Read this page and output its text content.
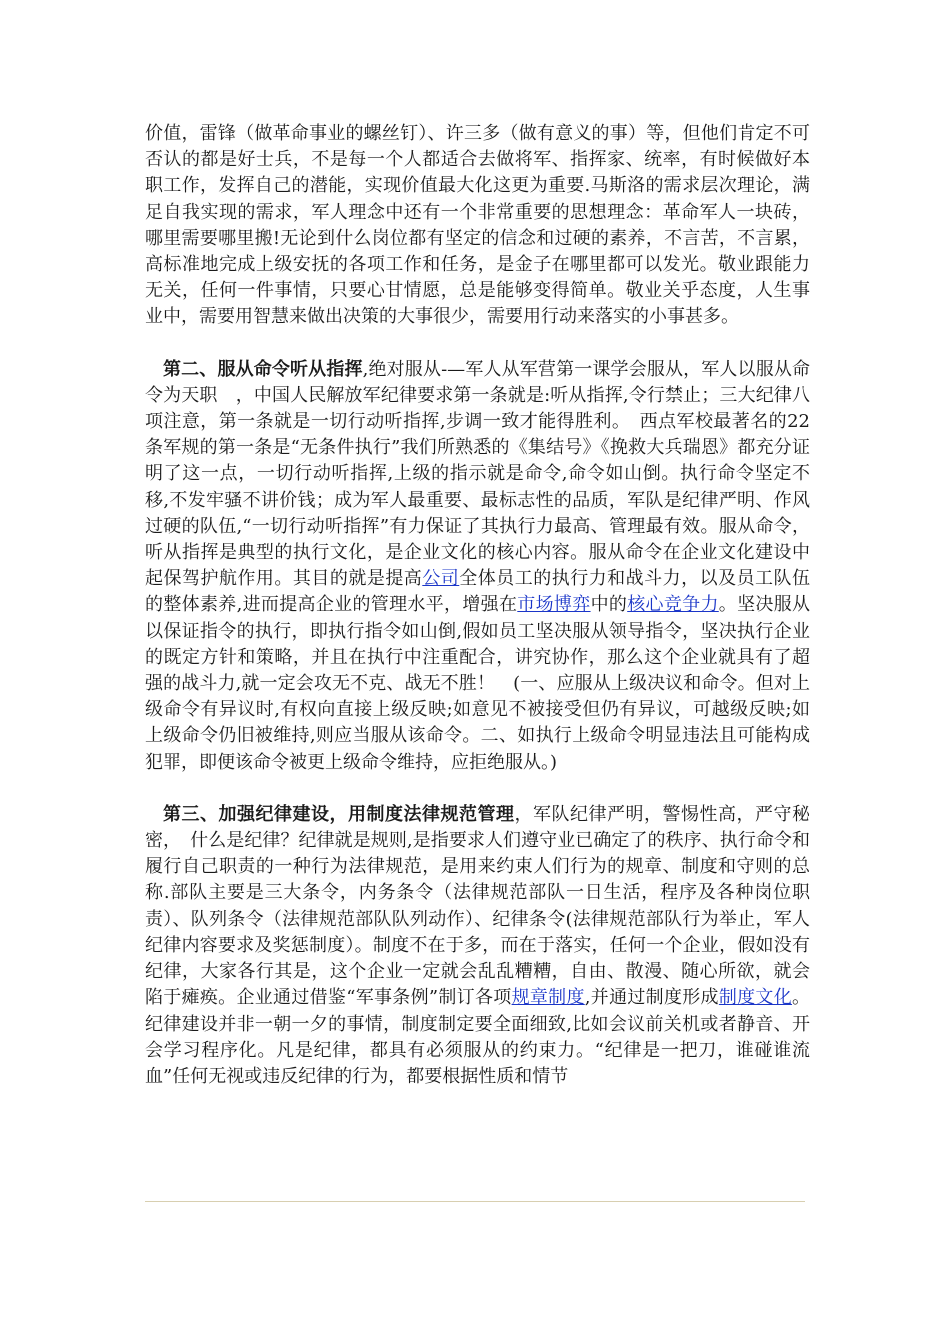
价值，雷锋（做革命事业的螺丝钉）、许三多（做有意义的事）等，但他们肯定不可否认的都是好士兵，不是每一个人都适合去做将军、指挥家、统率，有时候做好本职工作，发挥自己的潜能，实现价值最大化这更为重要.马斯洛的需求层次理论，满足自我实现的需求，军人理念中还有一个非常重要的思想理念：革命军人一块砖，哪里需要哪里搬!无论到什么岗位都有坚定的信念和过硬的素养，不言苦，不言累，高标准地完成上级安抚的各项工作和任务，是金子在哪里都可以发光。敬业跟能力无关，任何一件事情，只要心甘情愿，总是能够变得简单。敬业关乎态度，人生事业中，需要用智慧来做出决策的大事很少，需要用行动来落实的小事甚多。

第二、服从命令听从指挥,绝对服从-—军人从军营第一课学会服从，军人以服从命令为天职　，中国人民解放军纪律要求第一条就是:听从指挥,令行禁止；三大纪律八项注意，第一条就是一切行动听指挥,步调一致才能得胜利。　西点军校最著名的22条军规的第一条是“无条件执行”我们所熟悉的《集结号》《挽救大兵瑞恩》都充分证明了这一点，一切行动听指挥,上级的指示就是命令,命令如山倒。执行命令坚定不移,不发牢骚不讲价钱；成为军人最重要、最标志性的品质，军队是纪律严明、作风过硬的队伍,“一切行动听指挥”有力保证了其执行力最高、管理最有效。服从命令，听从指挥是典型的执行文化，是企业文化的核心内容。服从命令在企业文化建设中起保驾护航作用。其目的就是提高公司全体员工的执行力和战斗力，以及员工队伍的整体素养,进而提高企业的管理水平，增强在市场博弈中的核心竞争力。坚决服从以保证指令的执行，即执行指令如山倒,假如员工坚决服从领导指令，坚决执行企业的既定方针和策略，并且在执行中注重配合，讲究协作，那么这个企业就具有了超强的战斗力,就一定会攻无不克、战无不胜！　(一、应服从上级决议和命令。但对上级命令有异议时,有权向直接上级反映;如意见不被接受但仍有异议，可越级反映;如上级命令仍旧被维持,则应当服从该命令。二、如执行上级命令明显违法且可能构成犯罪，即便该命令被更上级命令维持，应拒绝服从。)

第三、加强纪律建设，用制度法律规范管理，军队纪律严明，警惕性高，严守秘密，　什么是纪律？纪律就是规则,是指要求人们遵守业已确定了的秩序、执行命令和履行自己职责的一种行为法律规范，是用来约束人们行为的规章、制度和守则的总称.部队主要是三大条令，内务条令（法律规范部队一日生活，程序及各种岗位职责）、队列条令（法律规范部队队列动作）、纪律条令(法律规范部队行为举止，军人纪律内容要求及奖惩制度）。制度不在于多，而在于落实，任何一个企业，假如没有纪律，大家各行其是，这个企业一定就会乱乱糟糟，自由、散漫、随心所欲，就会陷于瘫痪。企业通过借鉴“军事条例”制订各项规章制度,并通过制度形成制度文化。纪律建设并非一朝一夕的事情，制度制定要全面细致,比如会议前关机或者静音、开会学习程序化。凡是纪律，都具有必须服从的约束力。“纪律是一把刀，谁碰谁流血”任何无视或违反纪律的行为，都要根据性质和情节
